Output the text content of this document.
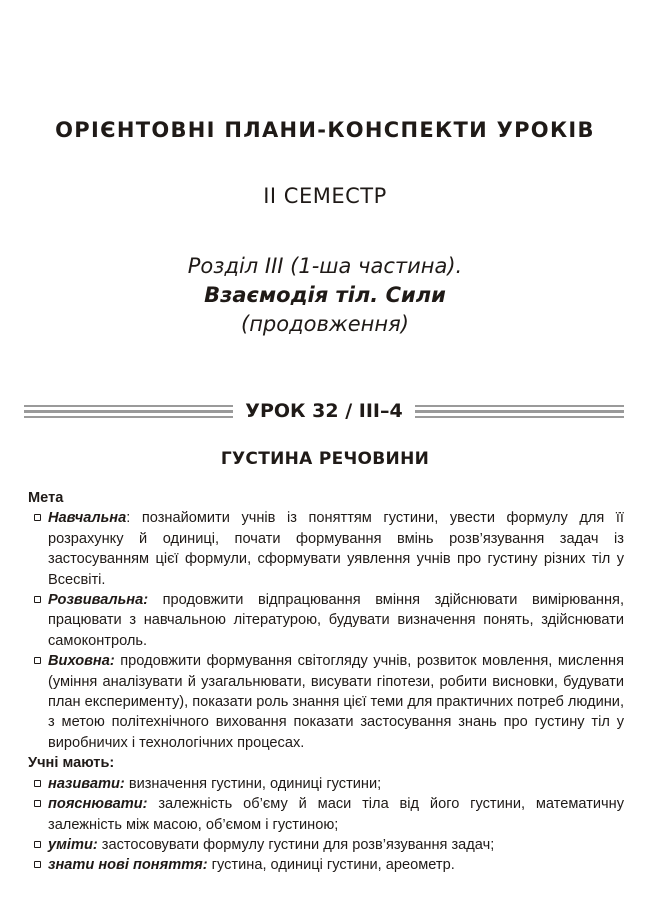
ОРІЄНТОВНІ ПЛАНИ-КОНСПЕКТИ УРОКІВ
II СЕМЕСТР
Розділ III (1-ша частина).
Взаємодія тіл. Сили
(продовження)
УРОК 32 / III–4
ГУСТИНА РЕЧОВИНИ
Мета
Навчальна: познайомити учнів із поняттям густини, увести формулу для її розрахунку й одиниці, почати формування вмінь розв’язування задач із застосуванням цієї формули, сформувати уявлення учнів про густину різних тіл у Всесвіті.
Розвивальна: продовжити відпрацювання вміння здійснювати вимірювання, працювати з навчальною літературою, будувати визначення понять, здійснювати самоконтроль.
Виховна: продовжити формування світогляду учнів, розвиток мовлення, мислення (уміння аналізувати й узагальнювати, висувати гіпотези, робити висновки, будувати план експерименту), показати роль знання цієї теми для практичних потреб людини, з метою політехнічного виховання показати застосування знань про густину тіл у виробничих і технологічних процесах.
Учні мають:
називати: визначення густини, одиниці густини;
пояснювати: залежність об’єму й маси тіла від його густини, математичну залежність між масою, об’ємом і густиною;
уміти: застосовувати формулу густини для розв’язування задач;
знати нові поняття: густина, одиниці густини, ареометр.
